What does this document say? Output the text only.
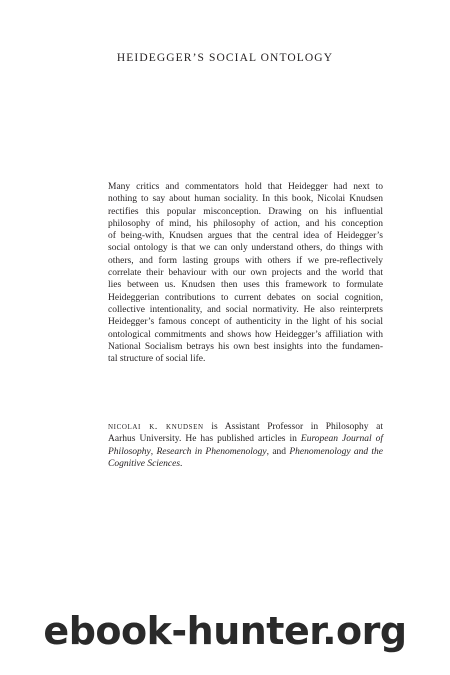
HEIDEGGER’S SOCIAL ONTOLOGY
Many critics and commentators hold that Heidegger had next to
nothing to say about human sociality. In this book, Nicolai Knudsen
rectifies this popular misconception. Drawing on his influential
philosophy of mind, his philosophy of action, and his conception
of being-with, Knudsen argues that the central idea of Heidegger’s
social ontology is that we can only understand others, do things with
others, and form lasting groups with others if we pre-reflectively
correlate their behaviour with our own projects and the world that
lies between us. Knudsen then uses this framework to formulate
Heideggerian contributions to current debates on social cognition,
collective intentionality, and social normativity. He also reinterprets
Heidegger’s famous concept of authenticity in the light of his social
ontological commitments and shows how Heidegger’s affiliation with
National Socialism betrays his own best insights into the fundamen-
tal structure of social life.
nicolai k. knudsen is Assistant Professor in Philosophy at
Aarhus University. He has published articles in European Journal of
Philosophy, Research in Phenomenology, and Phenomenology and the
Cognitive Sciences.
ebook-hunter.org
